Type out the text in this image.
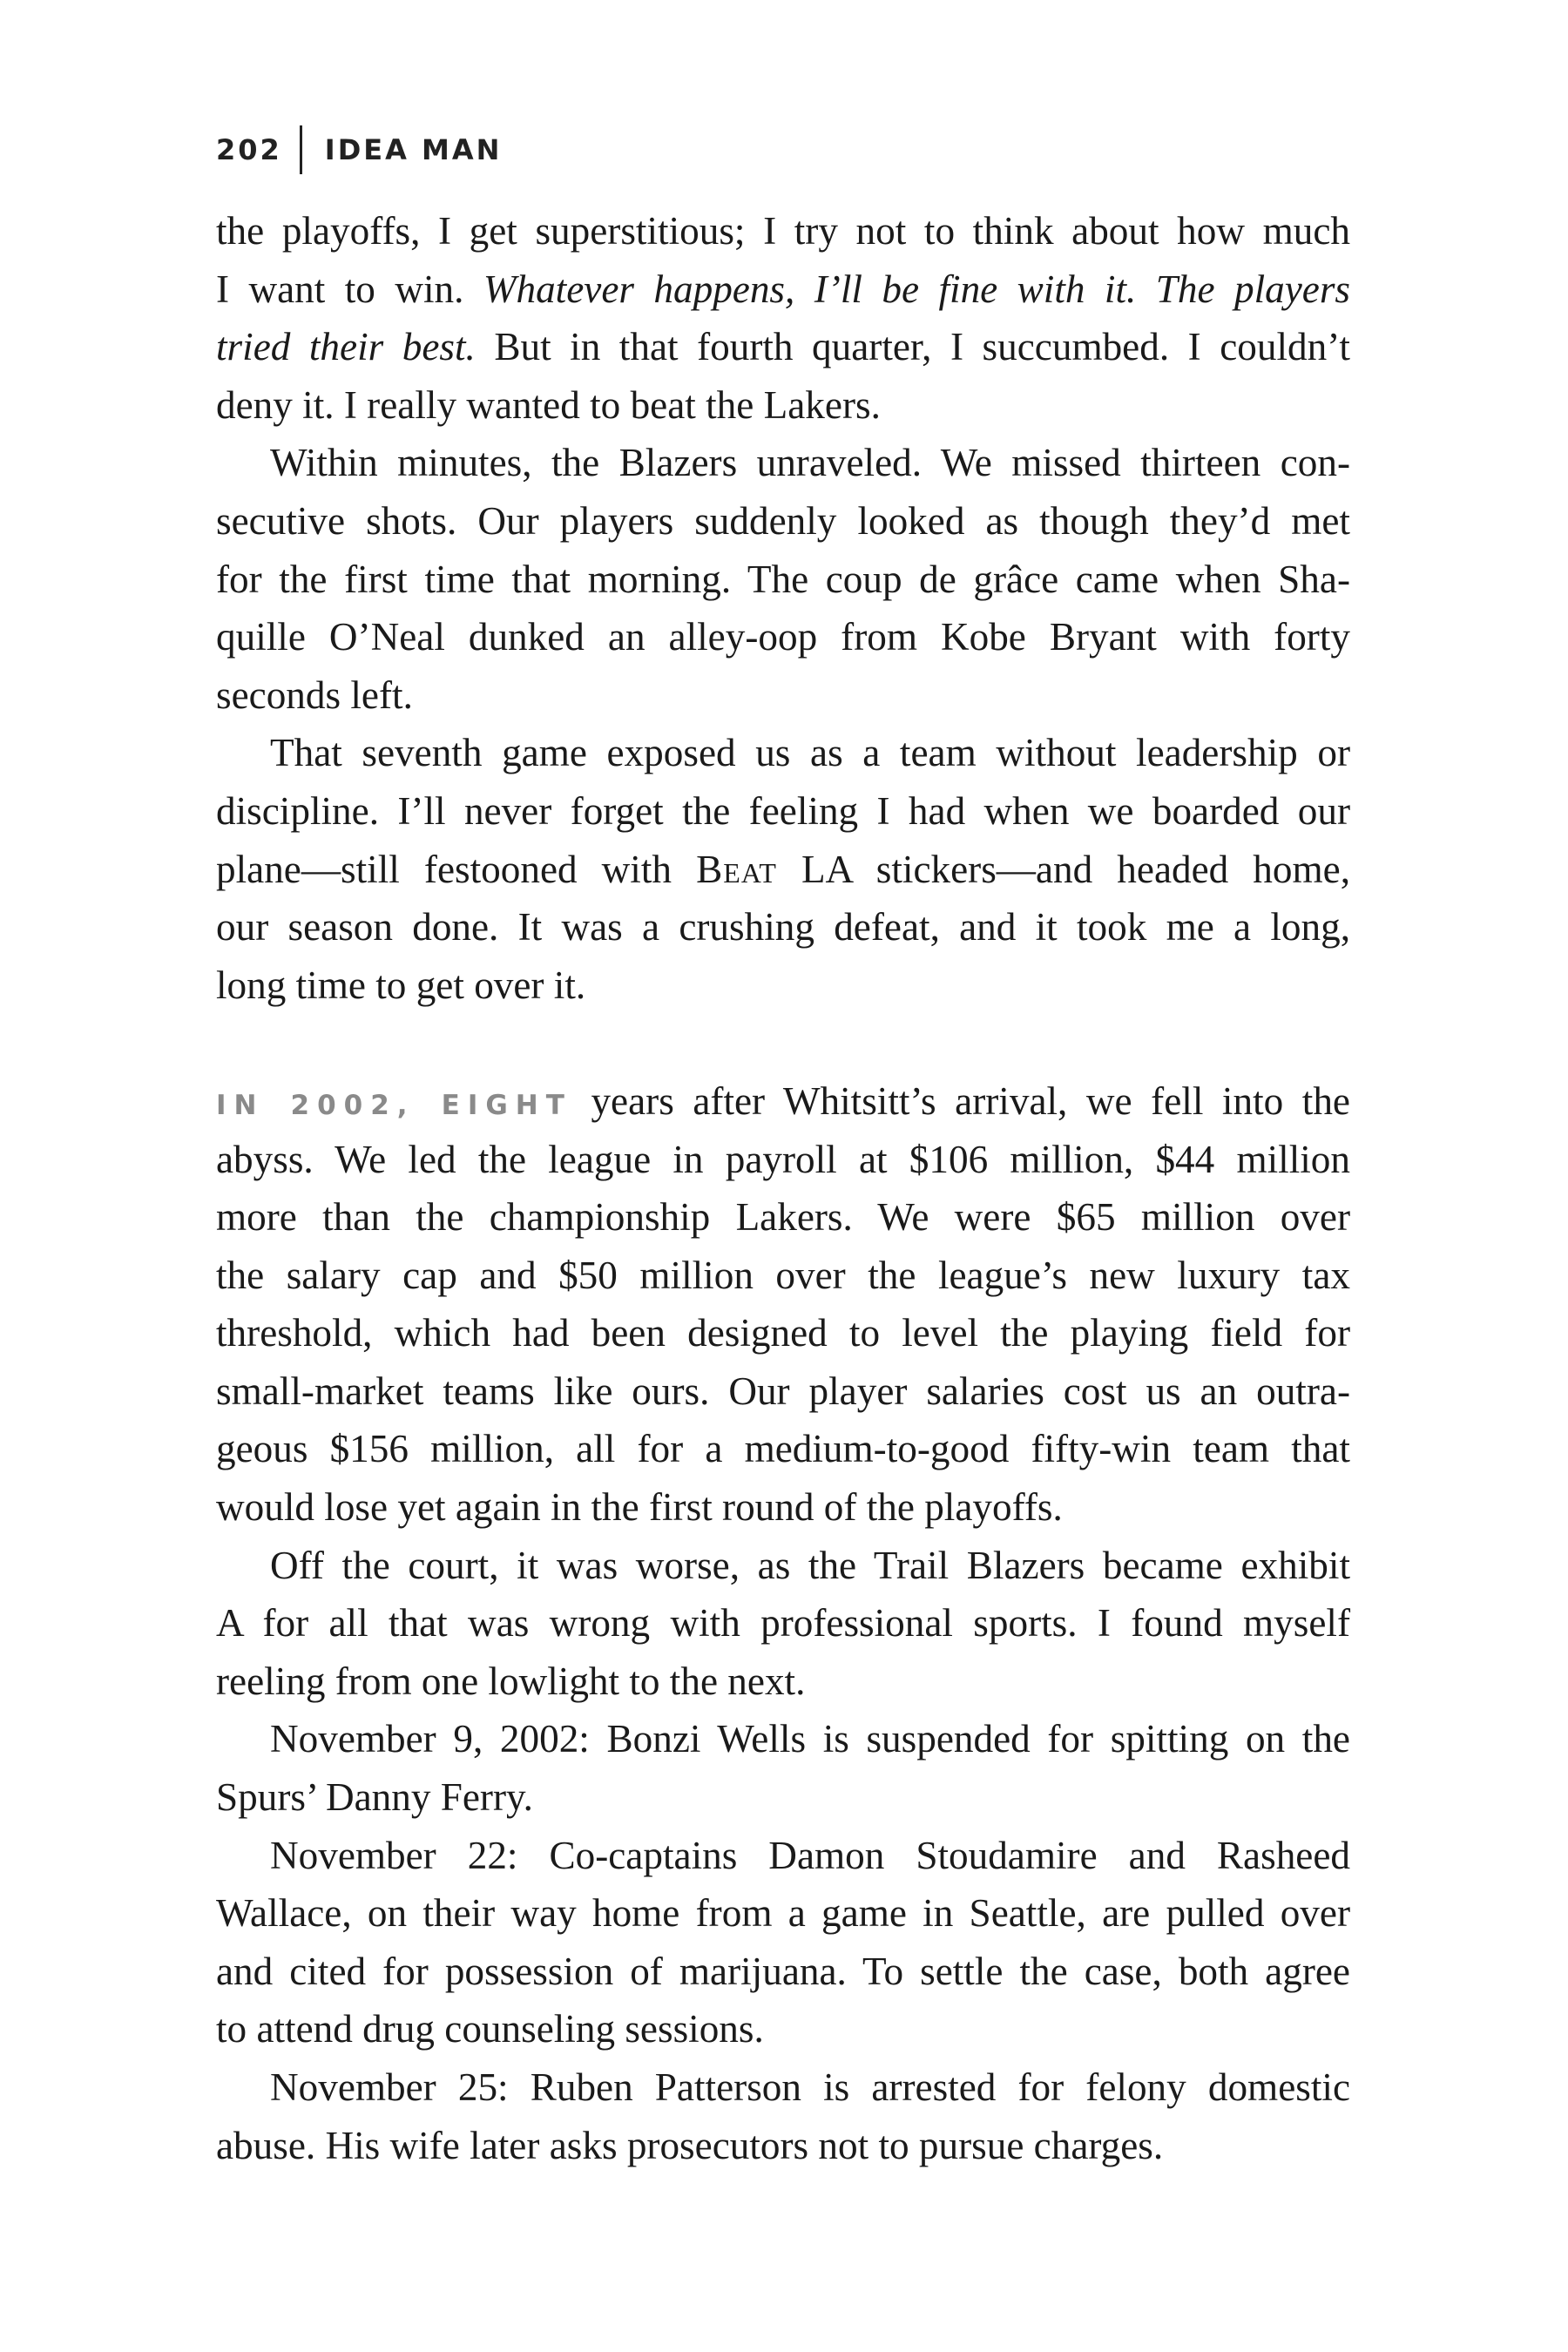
202 IDEA MAN
the playoffs, I get superstitious; I try not to think about how much
I want to win. Whatever happens, I’ll be fine with it. The players
tried their best. But in that fourth quarter, I succumbed. I couldn’t
deny it. I really wanted to beat the Lakers.
Within minutes, the Blazers unraveled. We missed thirteen con-
secutive shots. Our players suddenly looked as though they’d met
for the first time that morning. The coup de grâce came when Sha-
quille O’Neal dunked an alley-oop from Kobe Bryant with forty
seconds left.
That seventh game exposed us as a team without leadership or
discipline. I’ll never forget the feeling I had when we boarded our
plane—still festooned with Beat LA stickers—and headed home,
our season done. It was a crushing defeat, and it took me a long,
long time to get over it.
IN 2002, EIGHT years after Whitsitt’s arrival, we fell into the
abyss. We led the league in payroll at $106 million, $44 million
more than the championship Lakers. We were $65 million over
the salary cap and $50 million over the league’s new luxury tax
threshold, which had been designed to level the playing field for
small-market teams like ours. Our player salaries cost us an outra-
geous $156 million, all for a medium-to-good fifty-win team that
would lose yet again in the first round of the playoffs.
Off the court, it was worse, as the Trail Blazers became exhibit
A for all that was wrong with professional sports. I found myself
reeling from one lowlight to the next.
November 9, 2002: Bonzi Wells is suspended for spitting on the
Spurs’ Danny Ferry.
November 22: Co-captains Damon Stoudamire and Rasheed
Wallace, on their way home from a game in Seattle, are pulled over
and cited for possession of marijuana. To settle the case, both agree
to attend drug counseling sessions.
November 25: Ruben Patterson is arrested for felony domestic
abuse. His wife later asks prosecutors not to pursue charges.
